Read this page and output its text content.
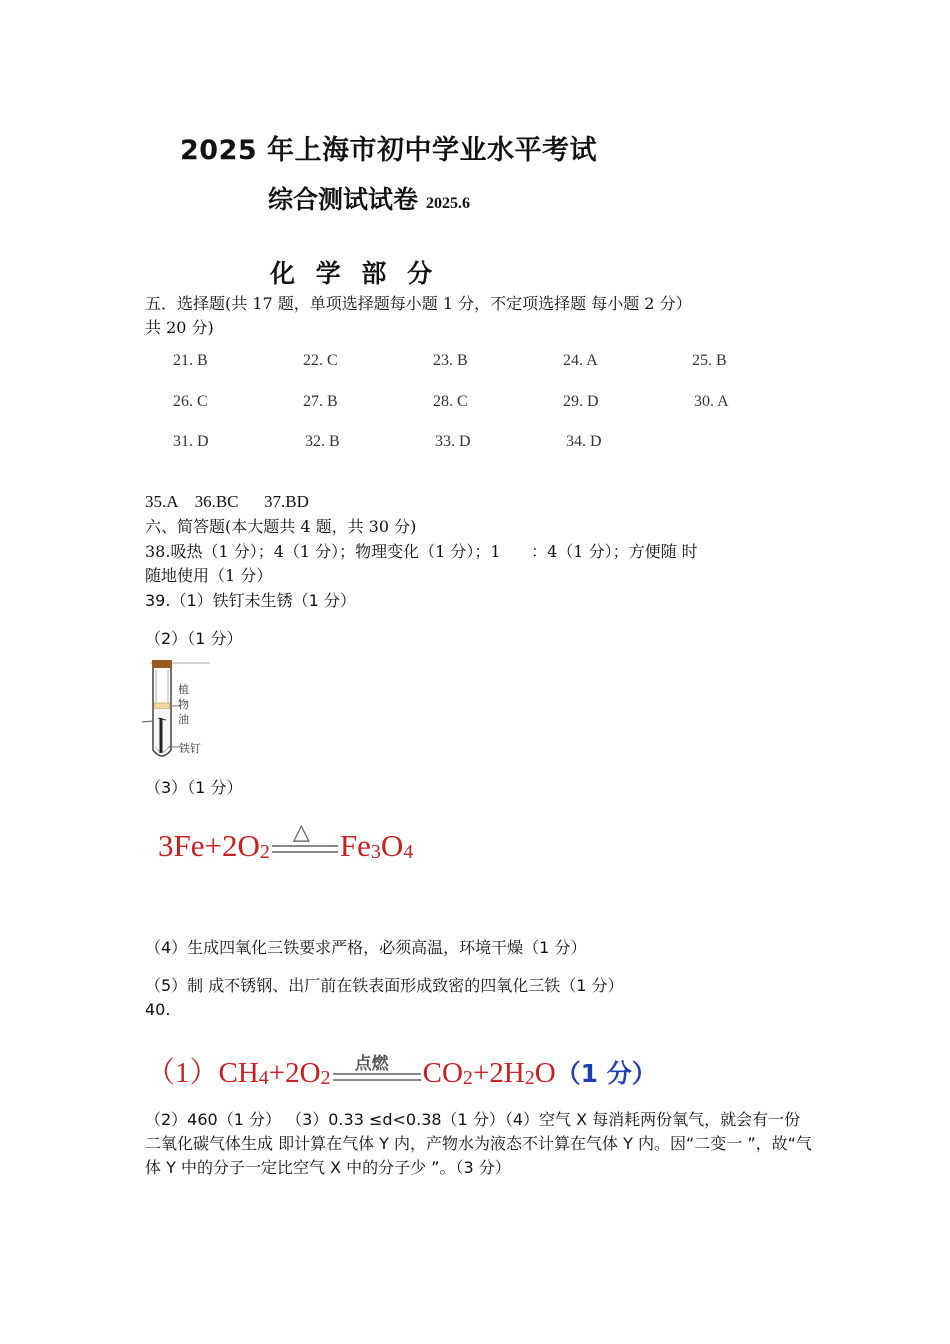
2025 年上海市初中学业水平考试
综合测试试卷 2025.6
化 学 部 分
五．选择题(共 17 题，单项选择题每小题 1 分，不定项选择题 每小题 2 分）
共 20 分)
21. B	22. C	23. B	24. A	25. B
26. C	27. B	28. C	29. D	30. A
31. D	32. B	33. D	34. D
35.A    36.BC      37.BD
六、简答题(本大题共 4 题，共 30 分)
38.吸热（1 分）；4（1 分）；物理变化（1 分）；1      ：4（1 分）；方便随 时
随地使用（1 分）
39.（1）铁钉未生锈（1 分）
（2）（1 分）
植
物
油
铁钉
（3）（1 分）
$3Fe+2O_2$
△ $Fe_3O_4$
（4）生成四氧化三铁要求严格，必须高温，环境干燥（1 分）
（5）制 成不锈钢、出厂前在铁表面形成致密的四氧化三铁（1 分）
40.
$(1)CH_4+2O_2$
点燃 $CO_2+2H_2O(1$ 分）
（2）460（1 分） （3）0.33 ≤d<0.38（1 分）（4）空气 X 每消耗两份氧气，就会有一份二氧化碳气体生成 即计算在气体 Y 内，产物水为液态不计算在气体 Y 内。因“二变一 ”，故“气 体 Y 中的分子一定比空气 X 中的分子少 ”。（3 分）
